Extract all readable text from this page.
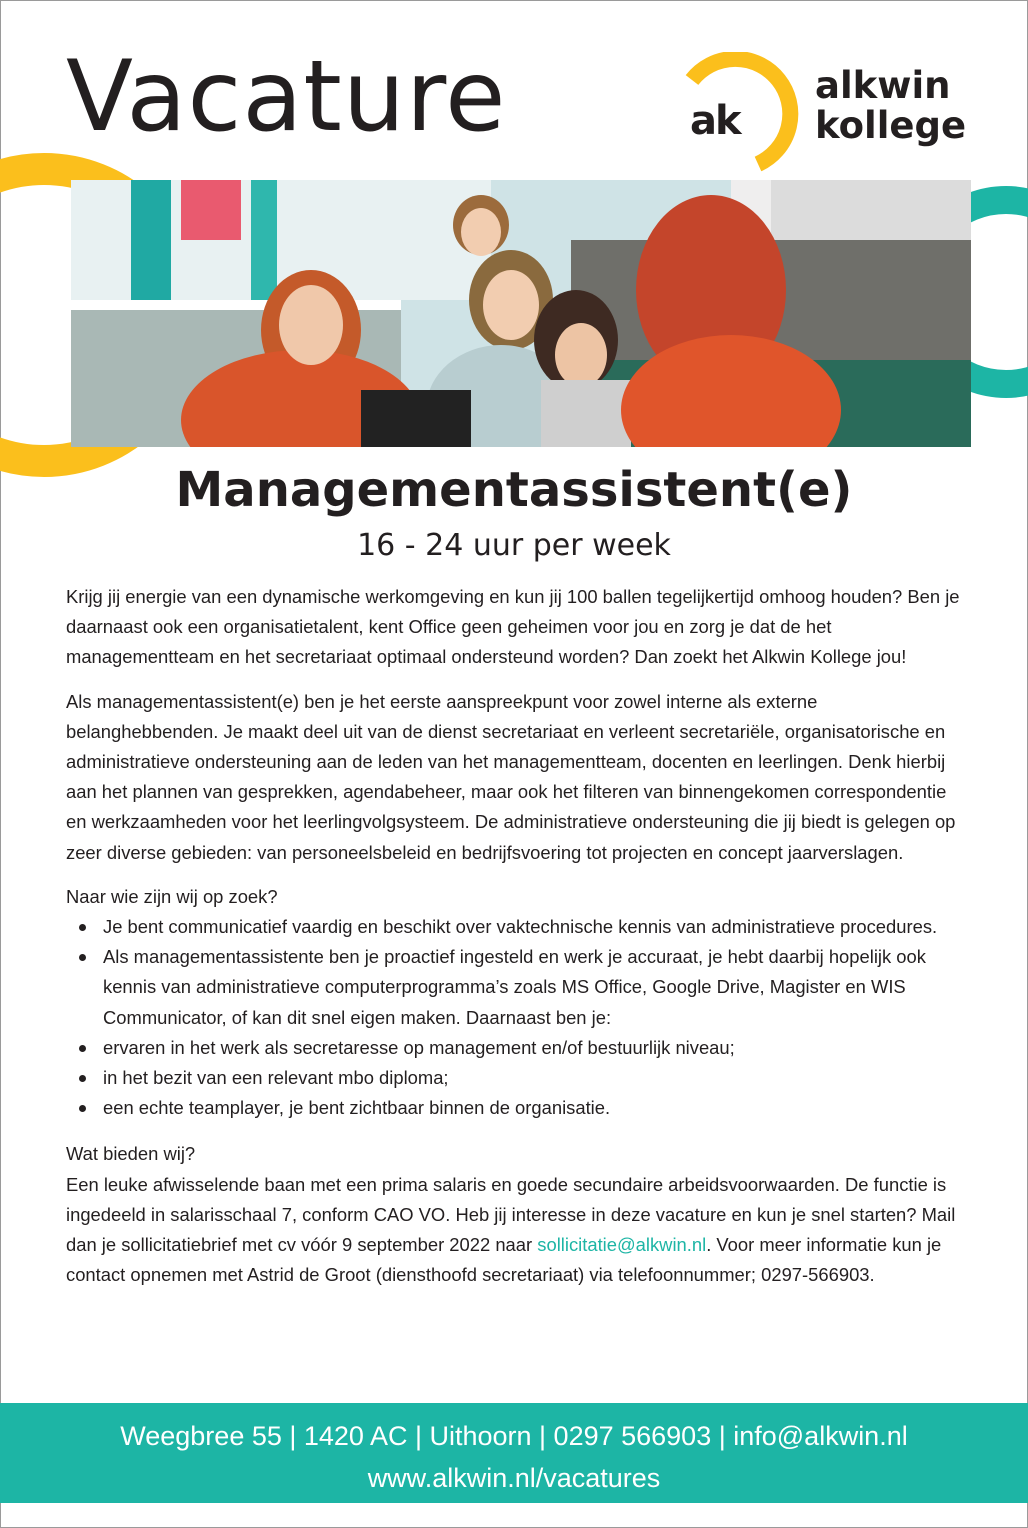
Vacature	ak
alkwin
kollege
Managementassistent(e)
16 - 24 uur per week

Krijg jij energie van een dynamische werkomgeving en kun jij 100 ballen tegelijkertijd omhoog houden? Ben je daarnaast ook een organisatietalent, kent Office geen geheimen voor jou en zorg je dat de het managementteam en het secretariaat optimaal ondersteund worden? Dan zoekt het Alkwin Kollege jou!

Als managementassistent(e) ben je het eerste aanspreekpunt voor zowel interne als externe belanghebbenden. Je maakt deel uit van de dienst secretariaat en verleent secretariële, organisatorische en administratieve ondersteuning aan de leden van het managementteam, docenten en leerlingen. Denk hierbij aan het plannen van gesprekken, agendabeheer, maar ook het filteren van binnengekomen correspondentie en werkzaamheden voor het leerlingvolgsysteem. De administratieve ondersteuning die jij biedt is gelegen op zeer diverse gebieden: van personeelsbeleid en bedrijfsvoering tot projecten en concept jaarverslagen.

Naar wie zijn wij op zoek?
Je bent communicatief vaardig en beschikt over vaktechnische kennis van administratieve procedures.
Als managementassistente ben je proactief ingesteld en werk je accuraat, je hebt daarbij hopelijk ook kennis van administratieve computerprogramma’s zoals MS Office, Google Drive, Magister en WIS Communicator, of kan dit snel eigen maken. Daarnaast ben je:
ervaren in het werk als secretaresse op management en/of bestuurlijk niveau;
in het bezit van een relevant mbo diploma;
een echte teamplayer, je bent zichtbaar binnen de organisatie.
Wat bieden wij?
Een leuke afwisselende baan met een prima salaris en goede secundaire arbeidsvoorwaarden. De functie is ingedeeld in salarisschaal 7, conform CAO VO. Heb jij interesse in deze vacature en kun je snel starten? Mail dan je sollicitatiebrief met cv vóór 9 september 2022 naar sollicitatie@alkwin.nl. Voor meer informatie kun je contact opnemen met Astrid de Groot (diensthoofd secretariaat) via telefoonnummer; 0297-566903.
Weegbree 55 | 1420 AC | Uithoorn | 0297 566903 | info@alkwin.nl
www.alkwin.nl/vacatures
